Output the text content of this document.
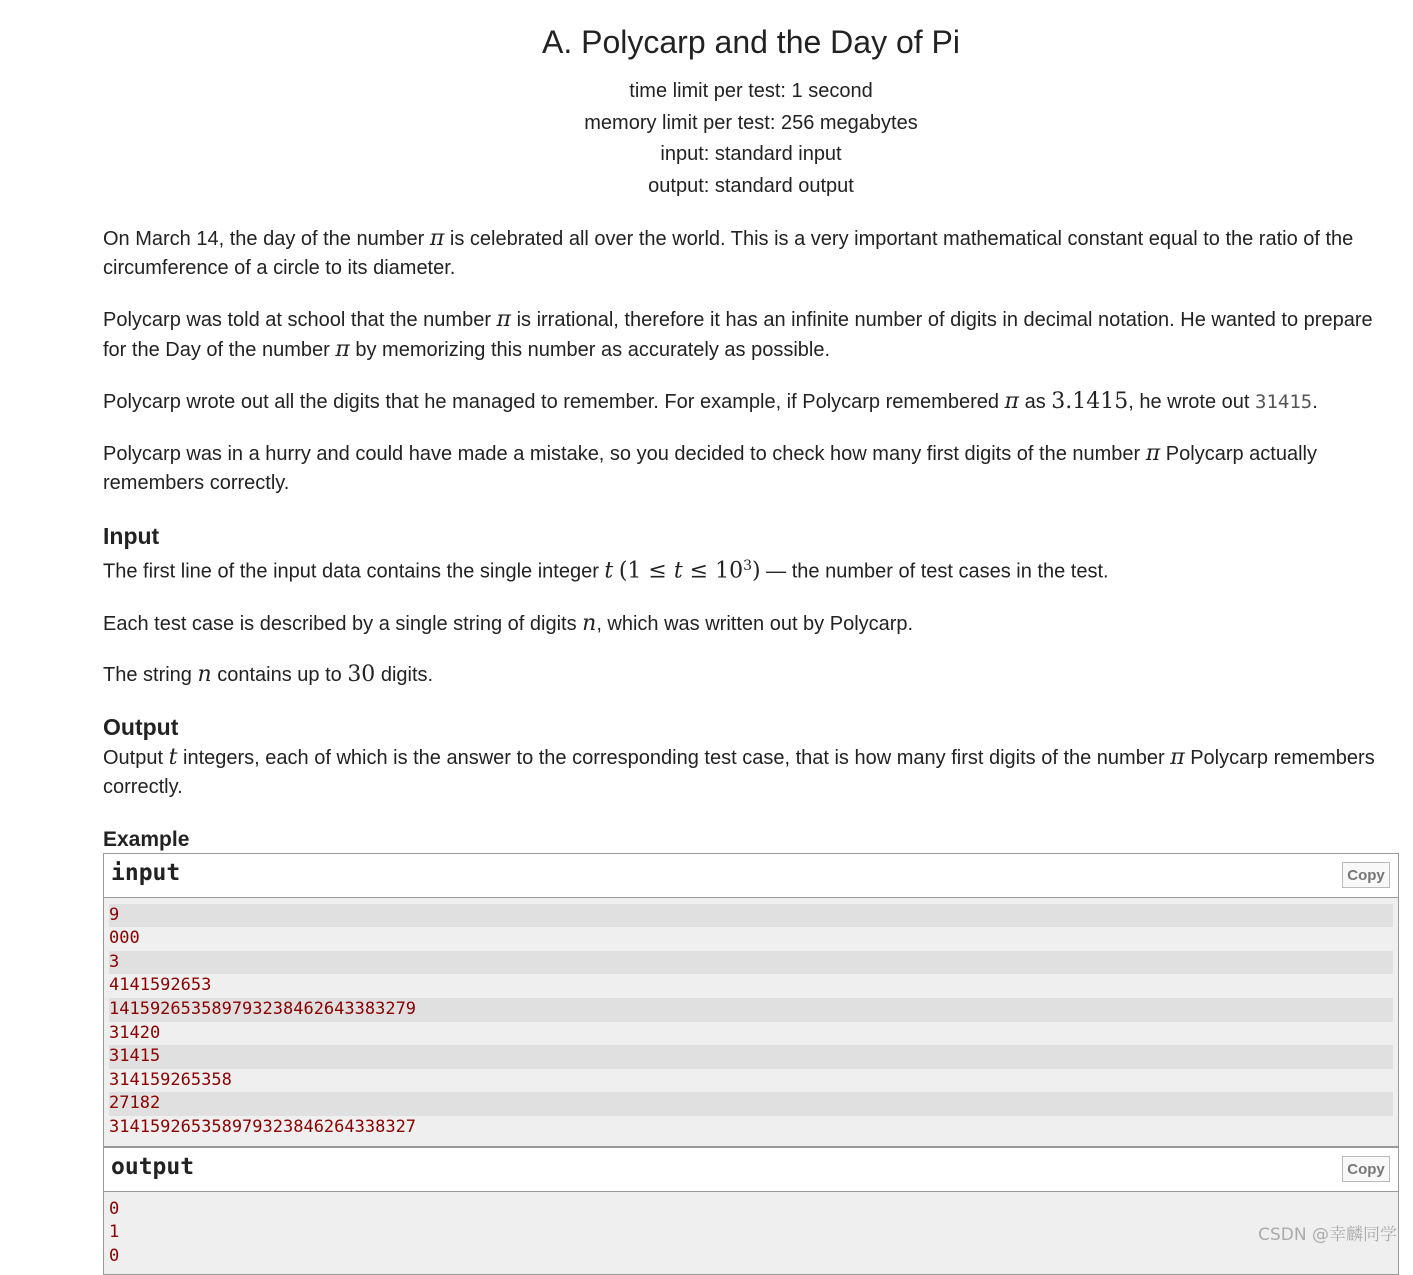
A. Polycarp and the Day of Pi
time limit per test: 1 second
memory limit per test: 256 megabytes
input: standard input
output: standard output

On March 14, the day of the number π is celebrated all over the world. This is a very important mathematical constant equal to the ratio of the circumference of a circle to its diameter.

Polycarp was told at school that the number π is irrational, therefore it has an infinite number of digits in decimal notation. He wanted to prepare for the Day of the number π by memorizing this number as accurately as possible.

Polycarp wrote out all the digits that he managed to remember. For example, if Polycarp remembered π as 3.1415, he wrote out 31415.

Polycarp was in a hurry and could have made a mistake, so you decided to check how many first digits of the number π Polycarp actually remembers correctly.

Input

The first line of the input data contains the single integer t $(1 \le t \le 10^3)$ — the number of test cases in the test.

Each test case is described by a single string of digits n, which was written out by Polycarp.

The string n contains up to 30 digits.

Output

Output t integers, each of which is the answer to the corresponding test case, that is how many first digits of the number π Polycarp remembers correctly.

Example
input	Copy
9
000
3
4141592653
141592653589793238462643383279
31420
31415
314159265358
27182
314159265358979323846264338327
output	Copy
0
1
0
CSDN @幸麟同学
